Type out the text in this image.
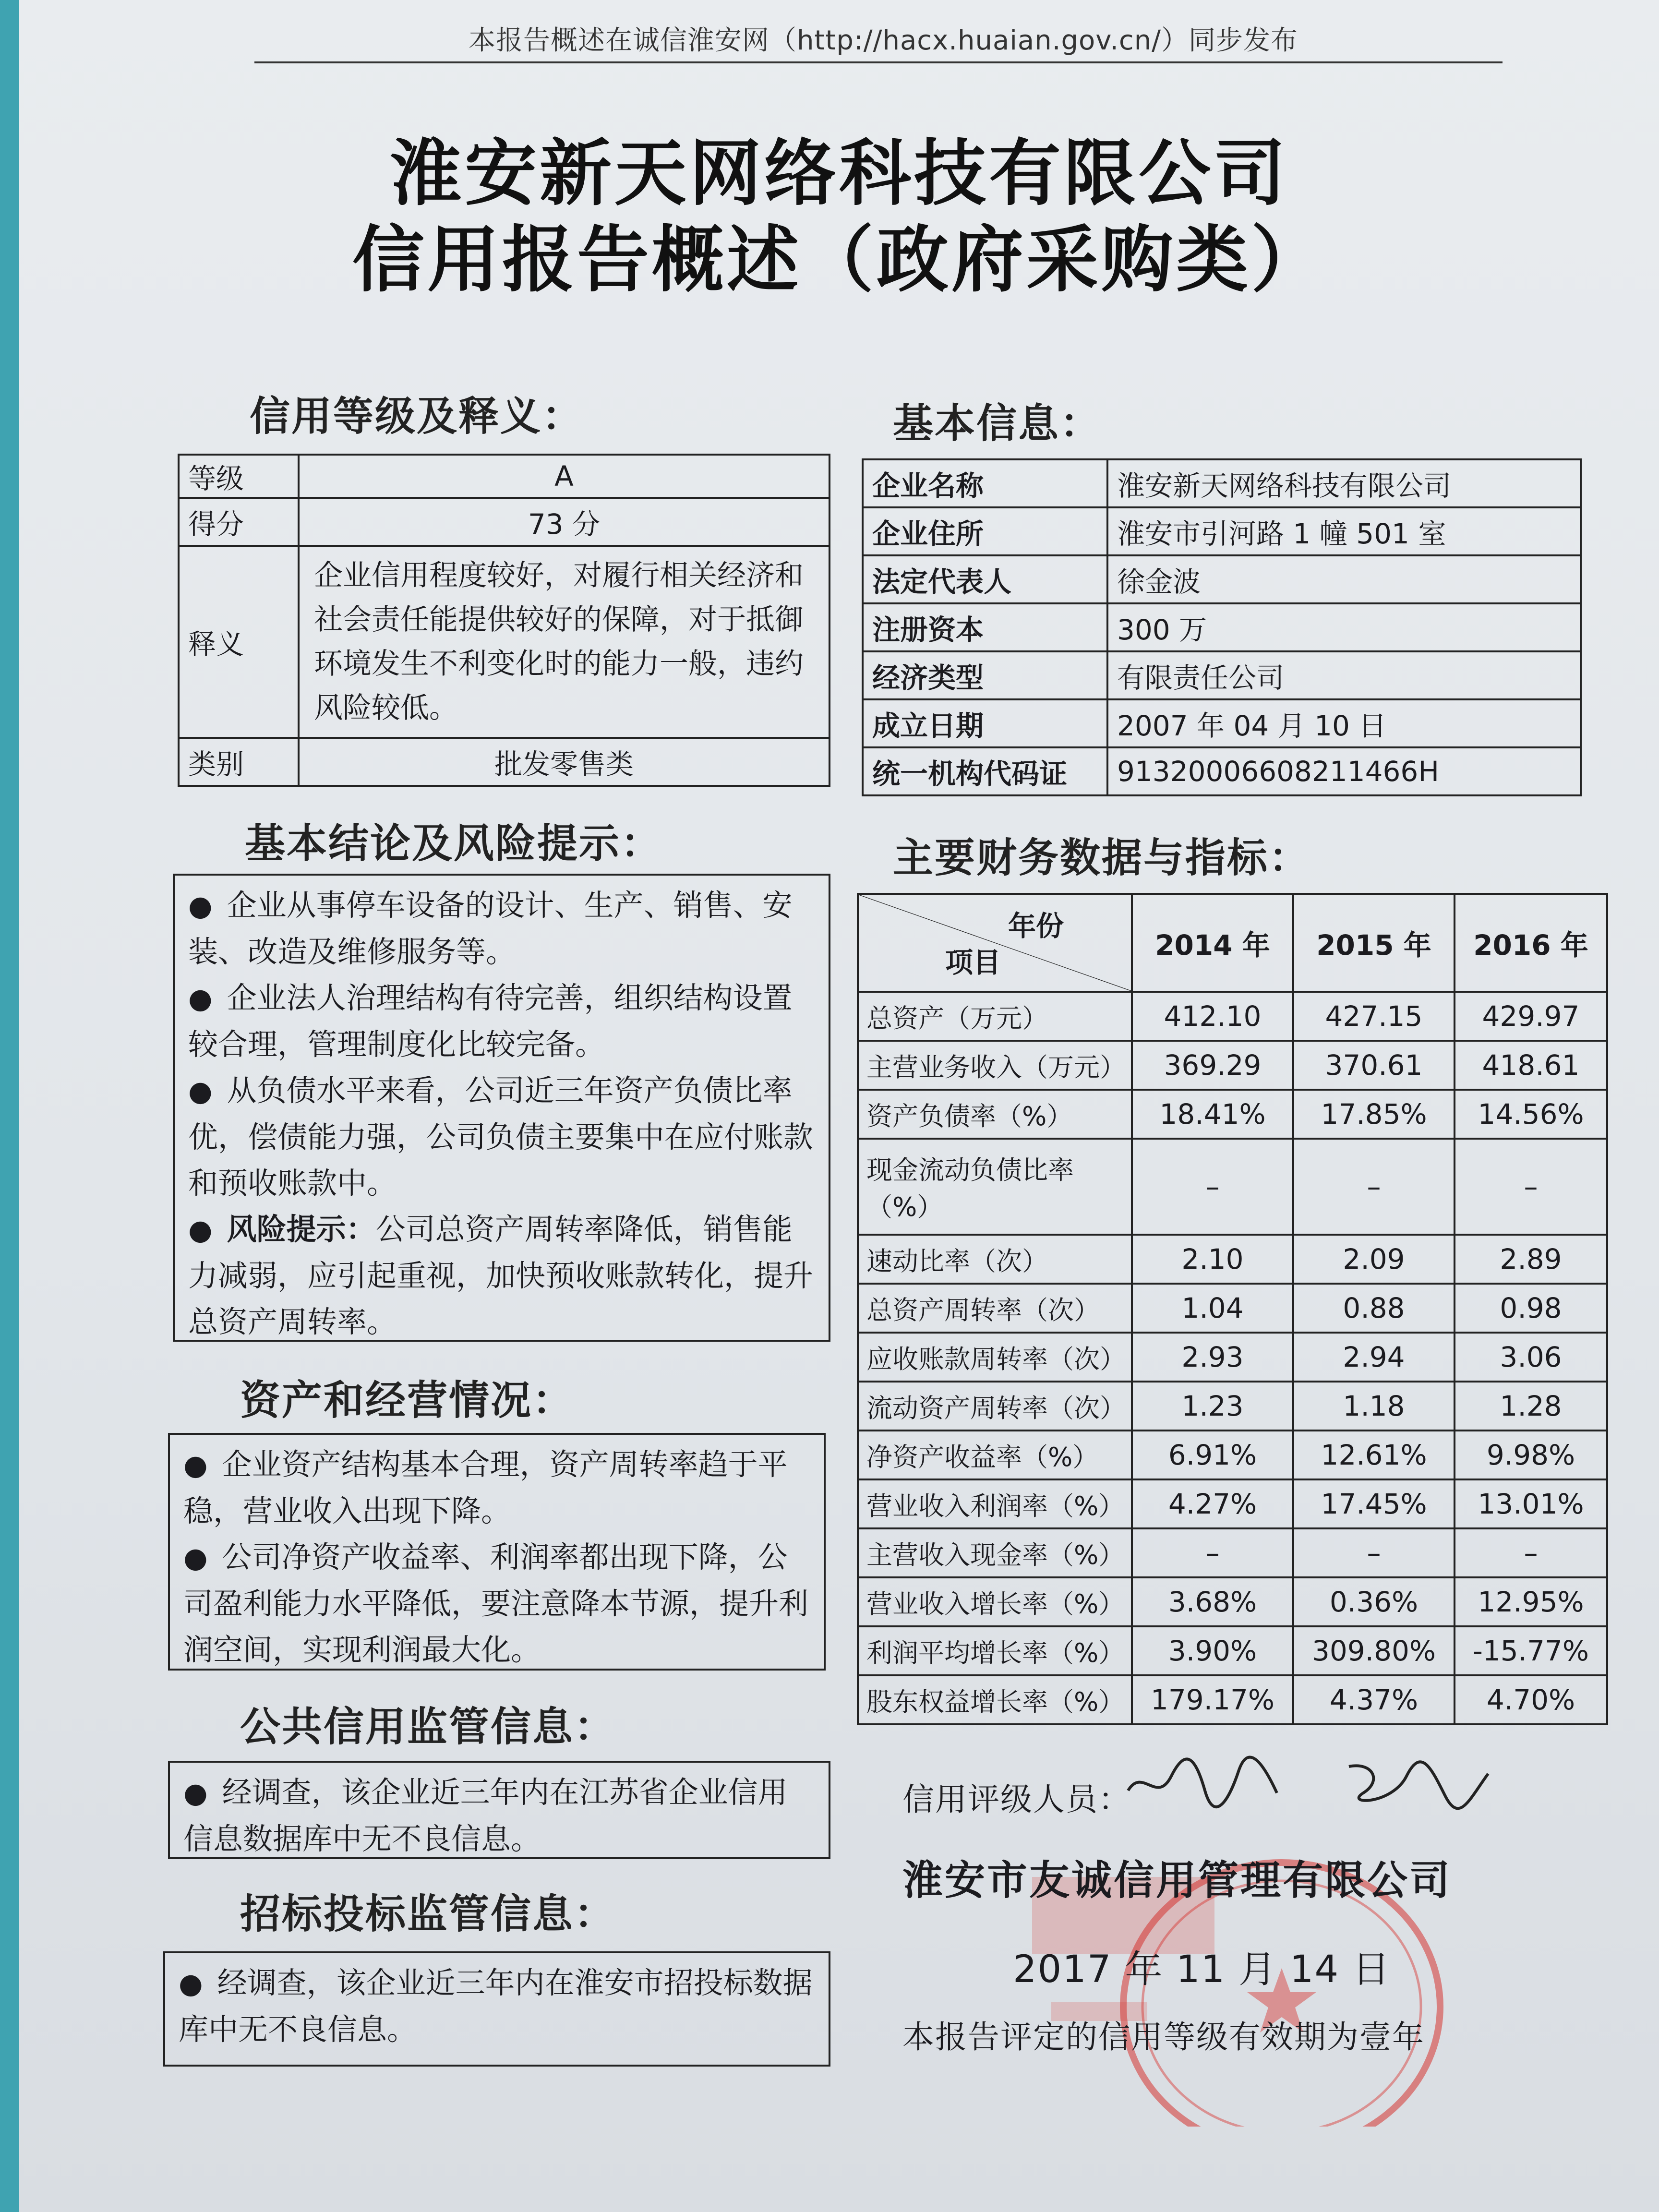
本报告概述在诚信淮安网（http://hacx.huaian.gov.cn/）同步发布
淮安新天网络科技有限公司
信用报告概述（政府采购类）
信用等级及释义：
等级	A
得分	73 分
释义	企业信用程度较好，对履行相关经济和社会责任能提供较好的保障，对于抵御环境发生不利变化时的能力一般，违约风险较低。
类别	批发零售类
基本信息：
企业名称	淮安新天网络科技有限公司
企业住所	淮安市引河路 1 幢 501 室
法定代表人	徐金波
注册资本	300 万
经济类型	有限责任公司
成立日期	2007 年 04 月 10 日
统一机构代码证	91320006608211466H
基本结论及风险提示：

● 企业从事停车设备的设计、生产、销售、安装、改造及维修服务等。

● 企业法人治理结构有待完善，组织结构设置较合理，管理制度化比较完备。

● 从负债水平来看，公司近三年资产负债比率优，偿债能力强，公司负债主要集中在应付账款和预收账款中。

● 风险提示：公司总资产周转率降低，销售能力减弱，应引起重视，加快预收账款转化，提升总资产周转率。

资产和经营情况：

● 企业资产结构基本合理，资产周转率趋于平稳，营业收入出现下降。

● 公司净资产收益率、利润率都出现下降，公司盈利能力水平降低，要注意降本节源，提升利润空间，实现利润最大化。

公共信用监管信息：

● 经调查，该企业近三年内在江苏省企业信用信息数据库中无不良信息。

招标投标监管信息：

● 经调查，该企业近三年内在淮安市招投标数据库中无不良信息。

主要财务数据与指标：
年份
项目	2014 年	2015 年	2016 年
总资产（万元）	412.10	427.15	429.97
主营业务收入（万元）	369.29	370.61	418.61
资产负债率（%）	18.41%	17.85%	14.56%
现金流动负债比率（%）	–	–	–
速动比率（次）	2.10	2.09	2.89
总资产周转率（次）	1.04	0.88	0.98
应收账款周转率（次）	2.93	2.94	3.06
流动资产周转率（次）	1.23	1.18	1.28
净资产收益率（%）	6.91%	12.61%	9.98%
营业收入利润率（%）	4.27%	17.45%	13.01%
主营收入现金率（%）	–	–	–
营业收入增长率（%）	3.68%	0.36%	12.95%
利润平均增长率（%）	3.90%	309.80%	-15.77%
股东权益增长率（%）	179.17%	4.37%	4.70%
信用评级人员：
淮安市友诚信用管理有限公司
2017 年 11 月 14 日
本报告评定的信用等级有效期为壹年
